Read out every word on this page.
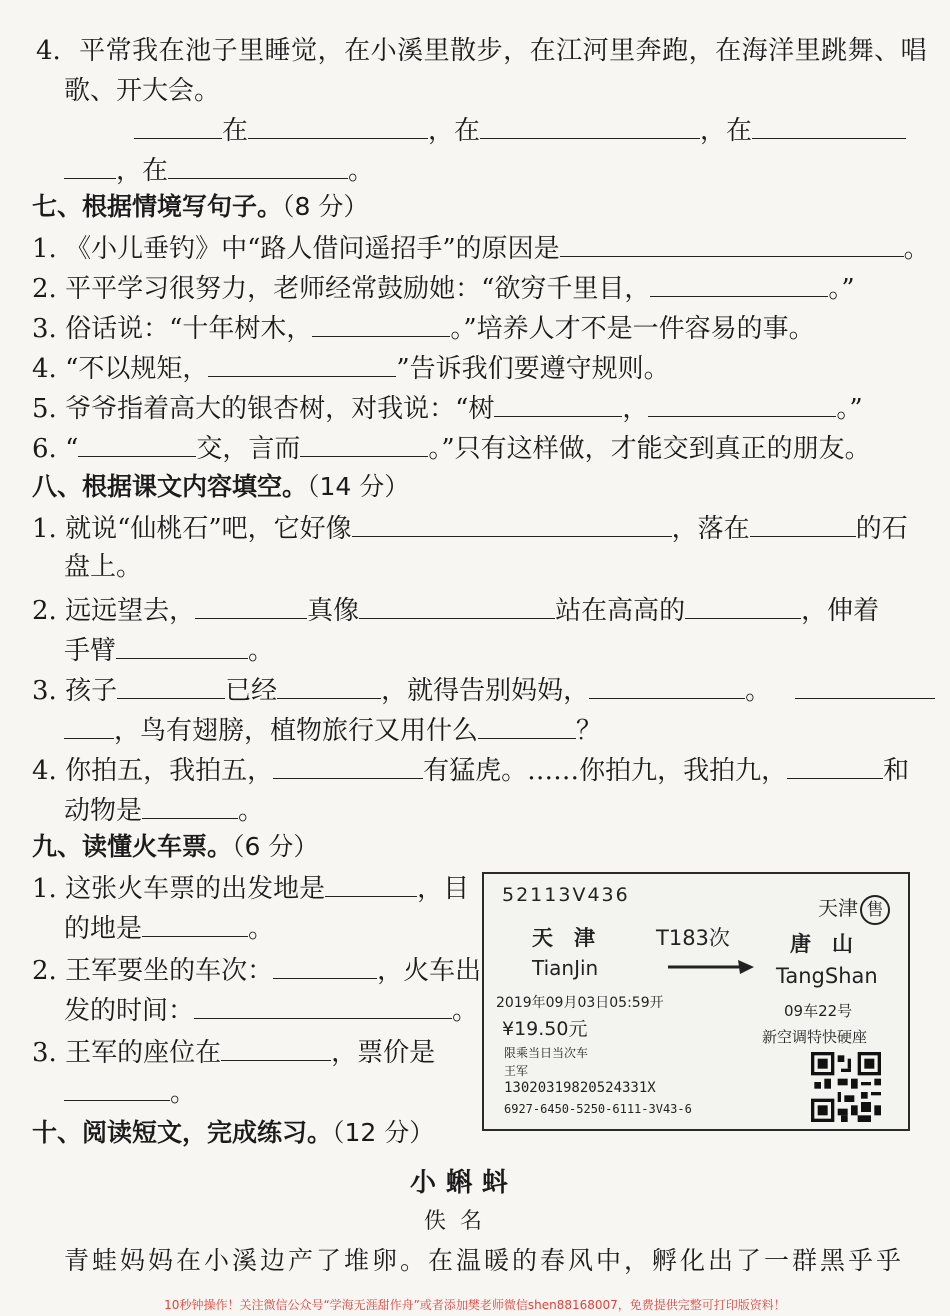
4. 平常我在池子里睡觉，在小溪里散步，在江河里奔跑，在海洋里跳舞、唱
歌、开大会。
在	，在	，在
，在	。
七、根据情境写句子。（8 分）
1. 《小儿垂钓》中“路人借问遥招手”的原因是	。
2. 平平学习很努力，老师经常鼓励她：“欲穷千里目，	。”
3. 俗话说：“十年树木，	。”培养人才不是一件容易的事。
4. “不以规矩，	”告诉我们要遵守规则。
5. 爷爷指着高大的银杏树，对我说：“树	，	。”
6. “	交，言而	。”只有这样做，才能交到真正的朋友。
八、根据课文内容填空。（14 分）
1. 就说“仙桃石”吧，它好像	，落在	的石
盘上。
2. 远远望去，	真像	站在高高的	，伸着
手臂	。
3. 孩子	已经	，就得告别妈妈，	。
，鸟有翅膀，植物旅行又用什么	？
4. 你拍五，我拍五，	有猛虎。……你拍九，我拍九，	和
动物是	。
九、读懂火车票。（6 分）
1. 这张火车票的出发地是	，目
的地是	。
2. 王军要坐的车次：	，火车出
发的时间：	。
3. 王军的座位在	，票价是
。
52113V436
天津 售
天　津	T183次	唐　山
TianJin	TangShan
2019年09月03日05:59开	09车22号
¥19.50元	新空调特快硬座
限乘当日当次车
王军
13020319820524331X
6927-6450-5250-6111-3V43-6
十、阅读短文，完成练习。（12 分）
小蝌蚪
佚名
青蛙妈妈在小溪边产了堆卵。在温暖的春风中，孵化出了一群黑乎乎
10秒钟操作！关注微信公众号“学海无涯甜作舟”或者添加樊老师微信shen88168007，免费提供完整可打印版资料！
